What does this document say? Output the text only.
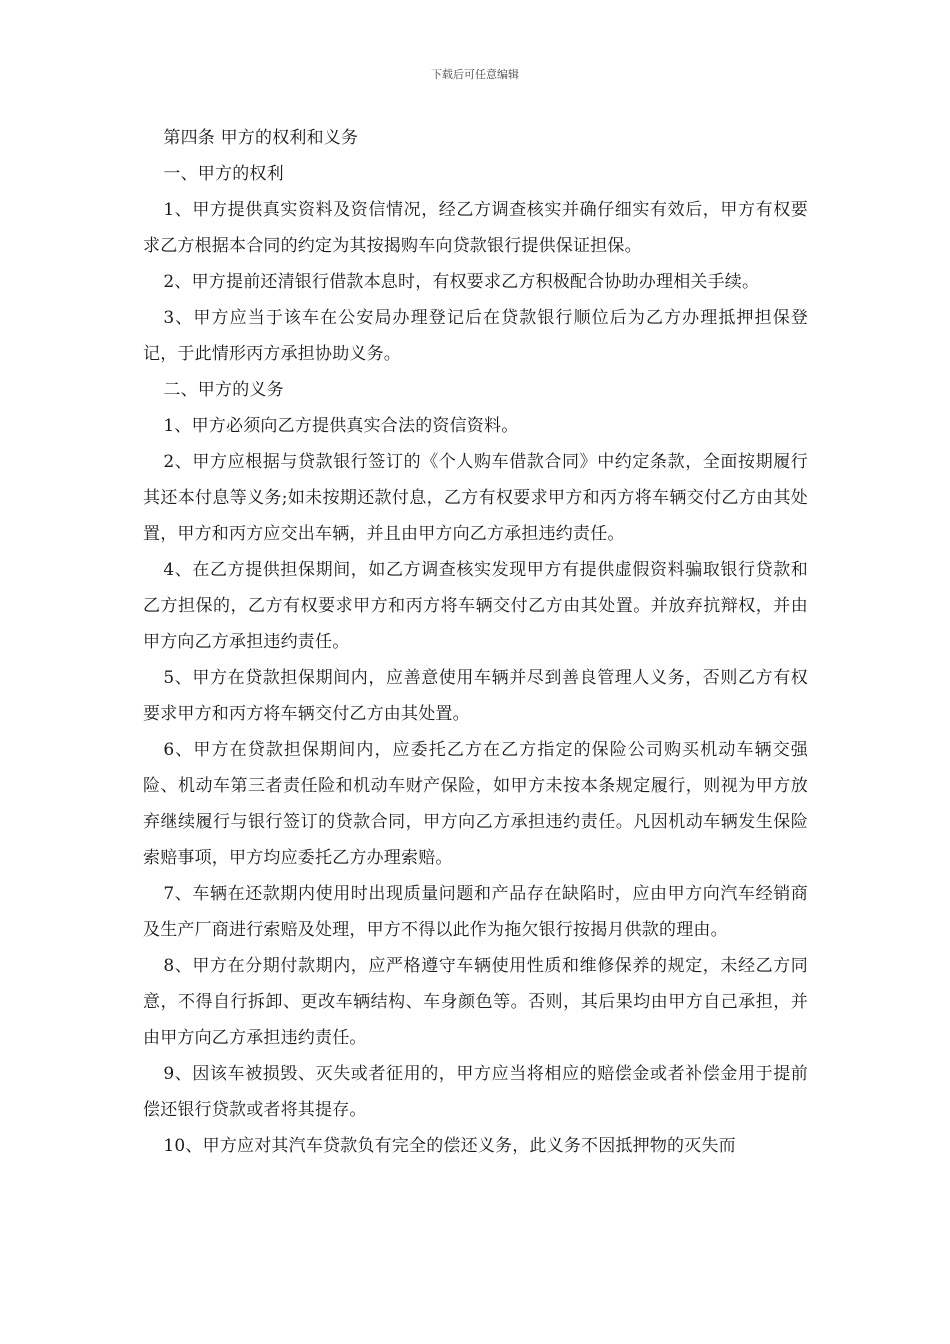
下载后可任意编辑

第四条 甲方的权利和义务

一、甲方的权利

1、甲方提供真实资料及资信情况，经乙方调查核实并确仔细实有效后，甲方有权要求乙方根据本合同的约定为其按揭购车向贷款银行提供保证担保。

2、甲方提前还清银行借款本息时，有权要求乙方积极配合协助办理相关手续。

3、甲方应当于该车在公安局办理登记后在贷款银行顺位后为乙方办理抵押担保登记，于此情形丙方承担协助义务。

二、甲方的义务

1、甲方必须向乙方提供真实合法的资信资料。

2、甲方应根据与贷款银行签订的《个人购车借款合同》中约定条款，全面按期履行其还本付息等义务;如未按期还款付息，乙方有权要求甲方和丙方将车辆交付乙方由其处置，甲方和丙方应交出车辆，并且由甲方向乙方承担违约责任。

4、在乙方提供担保期间，如乙方调查核实发现甲方有提供虚假资料骗取银行贷款和乙方担保的，乙方有权要求甲方和丙方将车辆交付乙方由其处置。并放弃抗辩权，并由甲方向乙方承担违约责任。

5、甲方在贷款担保期间内，应善意使用车辆并尽到善良管理人义务，否则乙方有权要求甲方和丙方将车辆交付乙方由其处置。

6、甲方在贷款担保期间内，应委托乙方在乙方指定的保险公司购买机动车辆交强险、机动车第三者责任险和机动车财产保险，如甲方未按本条规定履行，则视为甲方放弃继续履行与银行签订的贷款合同，甲方向乙方承担违约责任。凡因机动车辆发生保险索赔事项，甲方均应委托乙方办理索赔。

7、车辆在还款期内使用时出现质量问题和产品存在缺陷时，应由甲方向汽车经销商及生产厂商进行索赔及处理，甲方不得以此作为拖欠银行按揭月供款的理由。

8、甲方在分期付款期内，应严格遵守车辆使用性质和维修保养的规定，未经乙方同意，不得自行拆卸、更改车辆结构、车身颜色等。否则，其后果均由甲方自己承担，并由甲方向乙方承担违约责任。

9、因该车被损毁、灭失或者征用的，甲方应当将相应的赔偿金或者补偿金用于提前偿还银行贷款或者将其提存。

10、甲方应对其汽车贷款负有完全的偿还义务，此义务不因抵押物的灭失而
